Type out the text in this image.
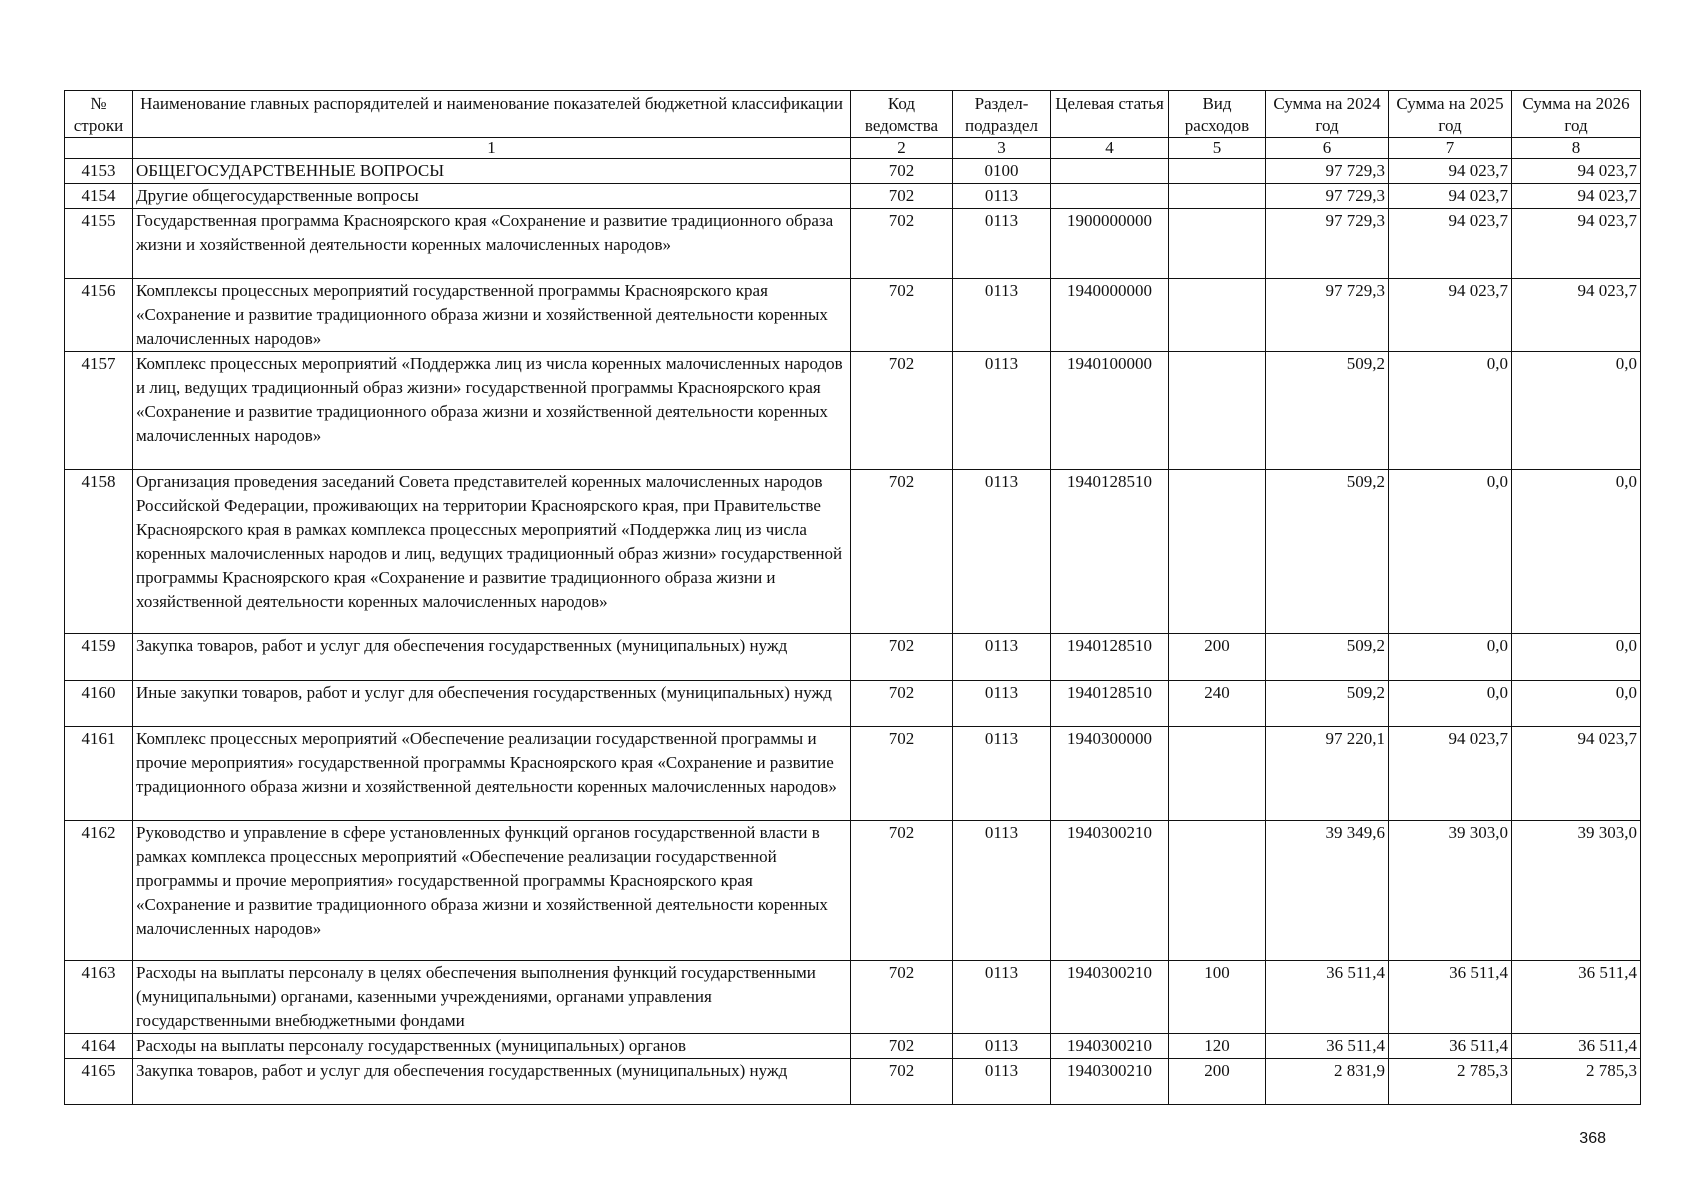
№ строки	Наименование главных распорядителей и наименование показателей бюджетной классификации	Код ведомства	Раздел-подраздел	Целевая статья	Вид расходов	Сумма на 2024 год	Сумма на 2025 год	Сумма на 2026 год
	1	2	3	4	5	6	7	8
4153	ОБЩЕГОСУДАРСТВЕННЫЕ ВОПРОСЫ	702	0100			97 729,3	94 023,7	94 023,7
4154	Другие общегосударственные вопросы	702	0113			97 729,3	94 023,7	94 023,7
4155	Государственная программа Красноярского края «Сохранение и развитие традиционного образа жизни и хозяйственной деятельности коренных малочисленных народов»	702	0113	1900000000		97 729,3	94 023,7	94 023,7
4156	Комплексы процессных мероприятий государственной программы Красноярского края «Сохранение и развитие традиционного образа жизни и хозяйственной деятельности коренных малочисленных народов»	702	0113	1940000000		97 729,3	94 023,7	94 023,7
4157	Комплекс процессных мероприятий «Поддержка лиц из числа коренных малочисленных народов и лиц, ведущих традиционный образ жизни» государственной программы Красноярского края «Сохранение и развитие традиционного образа жизни и хозяйственной деятельности коренных малочисленных народов»	702	0113	1940100000		509,2	0,0	0,0
4158	Организация проведения заседаний Совета представителей коренных малочисленных народов Российской Федерации, проживающих на территории Красноярского края, при Правительстве Красноярского края в рамках комплекса процессных мероприятий «Поддержка лиц из числа коренных малочисленных народов и лиц, ведущих традиционный образ жизни» государственной программы Красноярского края «Сохранение и развитие традиционного образа жизни и хозяйственной деятельности коренных малочисленных народов»	702	0113	1940128510		509,2	0,0	0,0
4159	Закупка товаров, работ и услуг для обеспечения государственных (муниципальных) нужд	702	0113	1940128510	200	509,2	0,0	0,0
4160	Иные закупки товаров, работ и услуг для обеспечения государственных (муниципальных) нужд	702	0113	1940128510	240	509,2	0,0	0,0
4161	Комплекс процессных мероприятий «Обеспечение реализации государственной программы и прочие мероприятия» государственной программы Красноярского края «Сохранение и развитие традиционного образа жизни и хозяйственной деятельности коренных малочисленных народов»	702	0113	1940300000		97 220,1	94 023,7	94 023,7
4162	Руководство и управление в сфере установленных функций органов государственной власти в рамках комплекса процессных мероприятий «Обеспечение реализации государственной программы и прочие мероприятия» государственной программы Красноярского края «Сохранение и развитие традиционного образа жизни и хозяйственной деятельности коренных малочисленных народов»	702	0113	1940300210		39 349,6	39 303,0	39 303,0
4163	Расходы на выплаты персоналу в целях обеспечения выполнения функций государственными (муниципальными) органами, казенными учреждениями, органами управления государственными внебюджетными фондами	702	0113	1940300210	100	36 511,4	36 511,4	36 511,4
4164	Расходы на выплаты персоналу государственных (муниципальных) органов	702	0113	1940300210	120	36 511,4	36 511,4	36 511,4
4165	Закупка товаров, работ и услуг для обеспечения государственных (муниципальных) нужд	702	0113	1940300210	200	2 831,9	2 785,3	2 785,3
368
